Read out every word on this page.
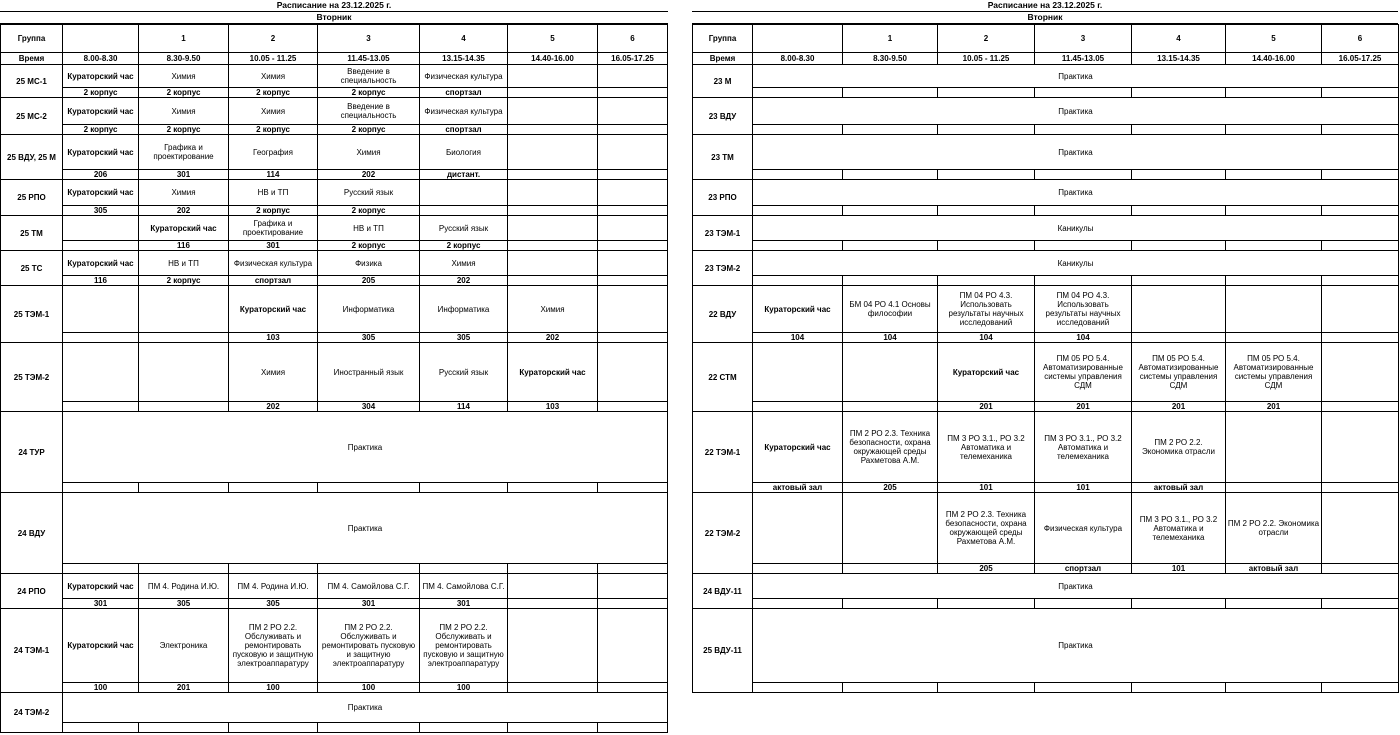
Расписание на 23.12.2025 г.
Вторник
Группа		1	2	3	4	5	6
Время	8.00-8.30	8.30-9.50	10.05 - 11.25	11.45-13.05	13.15-14.35	14.40-16.00	16.05-17.25
25 МС-1	Кураторский час	Химия	Химия	Введение в специальность	Физическая культура		
	2 корпус	2 корпус	2 корпус	2 корпус	спортзал		
25 МС-2	Кураторский час	Химия	Химия	Введение в специальность	Физическая культура		
	2 корпус	2 корпус	2 корпус	2 корпус	спортзал		
25 ВДУ, 25 М	Кураторский час	Графика и проектирование	География	Химия	Биология		
	206	301	114	202	дистант.		
25 РПО	Кураторский час	Химия	НВ и ТП	Русский язык			
	305	202	2 корпус	2 корпус			
25 ТМ		Кураторский час	Графика и проектирование	НВ и ТП	Русский язык		
		116	301	2 корпус	2 корпус		
25 ТС	Кураторский час	НВ и ТП	Физическая культура	Физика	Химия		
	116	2 корпус	спортзал	205	202		
25 ТЭМ-1			Кураторский час	Информатика	Информатика	Химия	
			103	305	305	202	
25 ТЭМ-2			Химия	Иностранный язык	Русский язык	Кураторский час	
			202	304	114	103	
24 ТУР	Практика						

24 ВДУ	Практика						

24 РПО	Кураторский час	ПМ 4. Родина И.Ю.	ПМ 4. Родина И.Ю.	ПМ 4. Самойлова С.Г.	ПМ 4. Самойлова С.Г.		
	301	305	305	301	301		
24 ТЭМ-1	Кураторский час	Электроника	ПМ 2 РО 2.2. Обслуживать и ремонтировать пусковую и защитную электроаппаратуру	ПМ 2 РО 2.2. Обслуживать и ремонтировать пусковую и защитную электроаппаратуру	ПМ 2 РО 2.2. Обслуживать и ремонтировать пусковую и защитную электроаппаратуру		
	100	201	100	100	100		
24 ТЭМ-2	Практика						

Расписание на 23.12.2025 г.
Вторник
Группа		1	2	3	4	5	6
Время	8.00-8.30	8.30-9.50	10.05 - 11.25	11.45-13.05	13.15-14.35	14.40-16.00	16.05-17.25
23 М	Практика						

23 ВДУ	Практика						

23 ТМ	Практика						

23 РПО	Практика						

23 ТЭМ-1	Каникулы						

23 ТЭМ-2	Каникулы						

22 ВДУ	Кураторский час	БМ 04 РО 4.1 Основы философии	ПМ 04 РО 4.3. Использовать результаты научных исследований	ПМ 04 РО 4.3. Использовать результаты научных исследований			
	104	104	104	104			
22 СТМ			Кураторский час	ПМ 05 РО 5.4. Автоматизированные системы управления СДМ	ПМ 05 РО 5.4. Автоматизированные системы управления СДМ	ПМ 05 РО 5.4. Автоматизированные системы управления СДМ	
			201	201	201	201	
22 ТЭМ-1	Кураторский час	ПМ 2 РО 2.3. Техника безопасности, охрана окружающей среды Рахметова А.М.	ПМ 3 РО 3.1., РО 3.2 Автоматика и телемеханика	ПМ 3 РО 3.1., РО 3.2 Автоматика и телемеханика	ПМ 2 РО 2.2. Экономика отрасли		
	актовый зал	205	101	101	актовый зал		
22 ТЭМ-2			ПМ 2 РО 2.3. Техника безопасности, охрана окружающей среды Рахметова А.М.	Физическая культура	ПМ 3 РО 3.1., РО 3.2 Автоматика и телемеханика	ПМ 2 РО 2.2. Экономика отрасли	
			205	спортзал	101	актовый зал	
24 ВДУ-11	Практика						

25 ВДУ-11	Практика						
